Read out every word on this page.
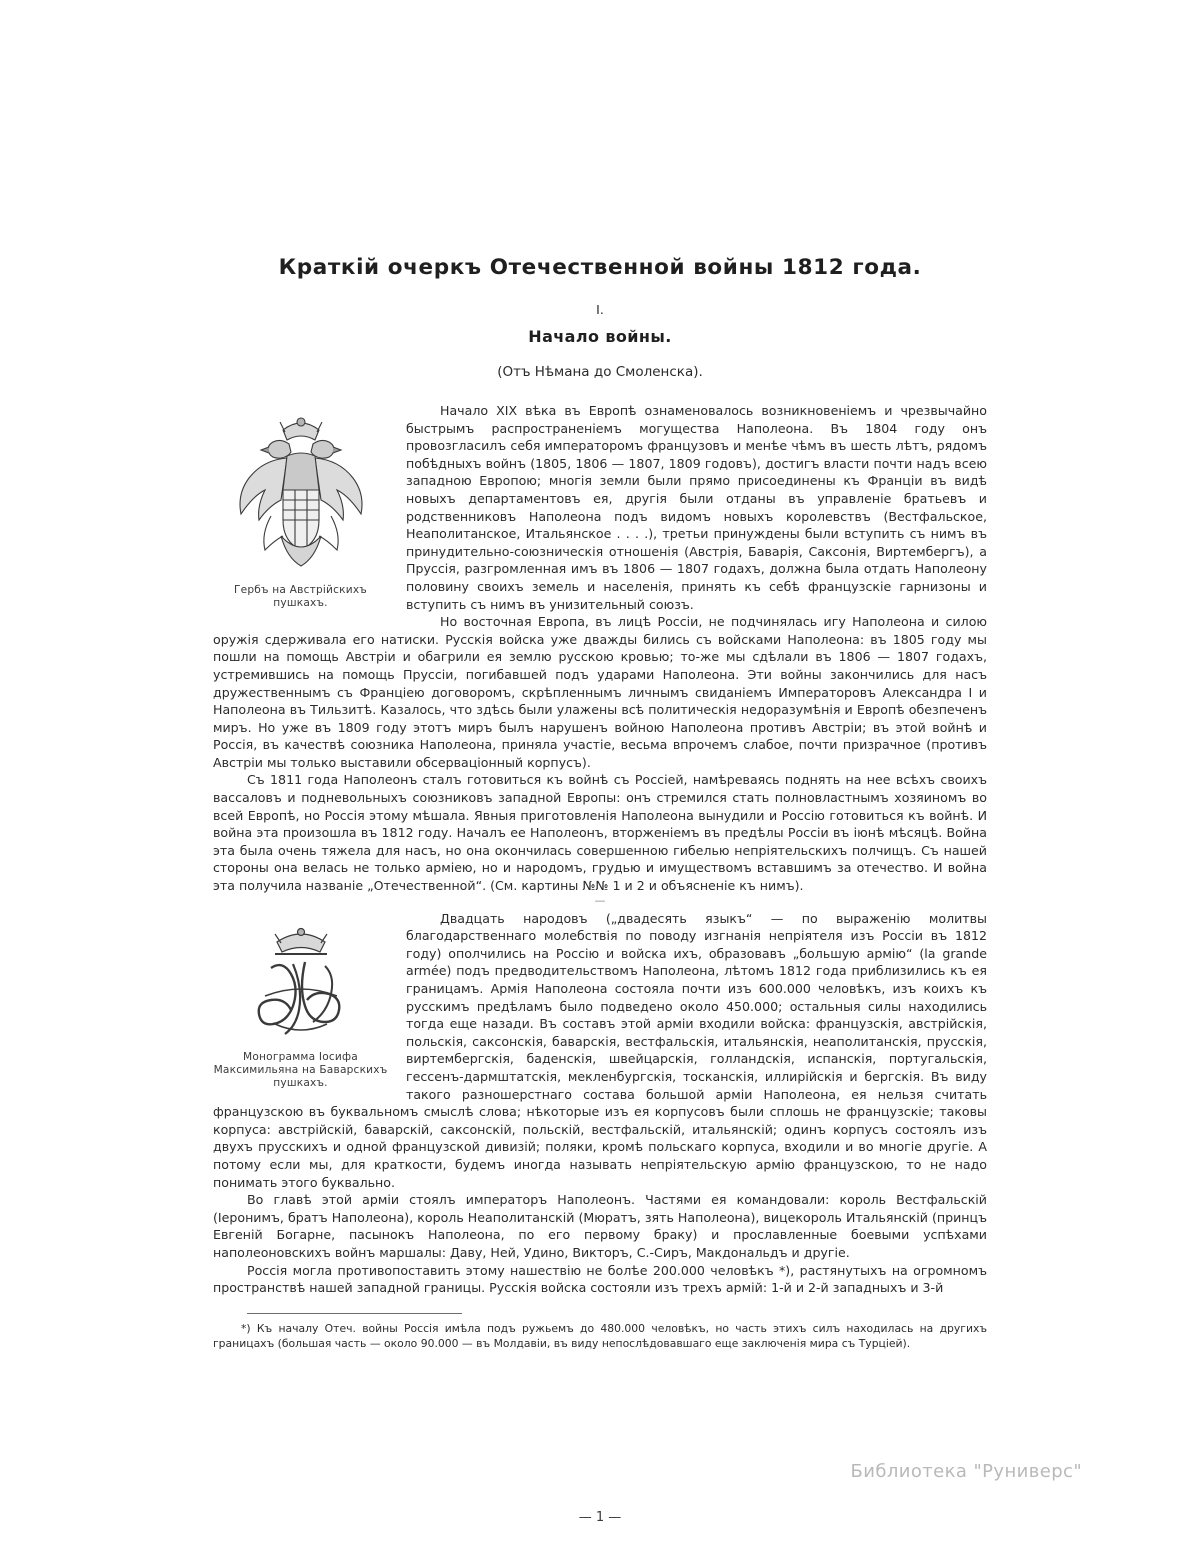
Краткій очеркъ Отечественной войны 1812 года.
I.
Начало войны.
(Отъ Нѣмана до Смоленска).
Гербъ на Австрійскихъ пушкахъ.

Начало XIX вѣка въ Европѣ ознаменовалось возникновеніемъ и чрезвычайно быстрымъ распространеніемъ могущества Наполеона. Въ 1804 году онъ провозгласилъ себя императоромъ французовъ и менѣе чѣмъ въ шесть лѣтъ, рядомъ побѣдныхъ войнъ (1805, 1806 — 1807, 1809 годовъ), достигъ власти почти надъ всею западною Европою; многія земли были прямо присоединены къ Франціи въ видѣ новыхъ департаментовъ ея, другія были отданы въ управленіе братьевъ и родственниковъ Наполеона подъ видомъ новыхъ королевствъ (Вестфальское, Неаполитанское, Итальянское . . . .), третьи принуждены были вступить съ нимъ въ принудительно-союзническія отношенія (Австрія, Баварія, Саксонія, Виртембергъ), а Пруссія, разгромленная имъ въ 1806 — 1807 годахъ, должна была отдать Наполеону половину своихъ земель и населенія, принять къ себѣ французскіе гарнизоны и вступить съ нимъ въ унизительный союзъ.

Но восточная Европа, въ лицѣ Россіи, не подчинялась игу Наполеона и силою оружія сдерживала его натиски. Русскія войска уже дважды бились съ войсками Наполеона: въ 1805 году мы пошли на помощь Австріи и обагрили ея землю русскою кровью; то-же мы сдѣлали въ 1806 — 1807 годахъ, устремившись на помощь Пруссіи, погибавшей подъ ударами Наполеона. Эти войны закончились для насъ дружественнымъ съ Франціею договоромъ, скрѣпленнымъ личнымъ свиданіемъ Императоровъ Александра I и Наполеона въ Тильзитѣ. Казалось, что здѣсь были улажены всѣ политическія недоразумѣнія и Европѣ обезпеченъ миръ. Но уже въ 1809 году этотъ миръ былъ нарушенъ войною Наполеона противъ Австріи; въ этой войнѣ и Россія, въ качествѣ союзника Наполеона, приняла участіе, весьма впрочемъ слабое, почти призрачное (противъ Австріи мы только выставили обсерваціонный корпусъ).

Съ 1811 года Наполеонъ сталъ готовиться къ войнѣ съ Россіей, намѣреваясь поднять на нее всѣхъ своихъ вассаловъ и подневольныхъ союзниковъ западной Европы: онъ стремился стать полновластнымъ хозяиномъ во всей Европѣ, но Россія этому мѣшала. Явныя приготовленія Наполеона вынудили и Россію готовиться къ войнѣ. И война эта произошла въ 1812 году. Началъ ее Наполеонъ, вторженіемъ въ предѣлы Россіи въ іюнѣ мѣсяцѣ. Война эта была очень тяжела для насъ, но она окончилась совершенною гибелью непріятельскихъ полчищъ. Съ нашей стороны она велась не только арміею, но и народомъ, грудью и имуществомъ вставшимъ за отечество. И война эта получила названіе „Отечественной“. (См. картины №№ 1 и 2 и объясненіе къ нимъ).

—
Монограмма Іосифа Максимильяна на Баварскихъ пушкахъ.

Двадцать народовъ („двадесять языкъ“ — по выраженію молитвы благодарственнаго молебствія по поводу изгнанія непріятеля изъ Россіи въ 1812 году) ополчились на Россію и войска ихъ, образовавъ „большую армію“ (la grande armée) подъ предводительствомъ Наполеона, лѣтомъ 1812 года приблизились къ ея границамъ. Армія Наполеона состояла почти изъ 600.000 человѣкъ, изъ коихъ къ русскимъ предѣламъ было подведено около 450.000; остальныя силы находились тогда еще назади. Въ составъ этой арміи входили войска: французскія, австрійскія, польскія, саксонскія, баварскія, вестфальскія, итальянскія, неаполитанскія, прусскія, виртембергскія, баденскія, швейцарскія, голландскія, испанскія, португальскія, гессенъ-дармштатскія, мекленбургскія, тосканскія, иллирійскія и бергскія. Въ виду такого разношерстнаго состава большой арміи Наполеона, ея нельзя считать французскою въ буквальномъ смыслѣ слова; нѣкоторые изъ ея корпусовъ были сплошь не французскіе; таковы корпуса: австрійскій, баварскій, саксонскій, польскій, вестфальскій, итальянскій; одинъ корпусъ состоялъ изъ двухъ прусскихъ и одной французской дивизій; поляки, кромѣ польскаго корпуса, входили и во многіе другіе. А потому если мы, для краткости, будемъ иногда называть непріятельскую армію французскою, то не надо понимать этого буквально.

Во главѣ этой арміи стоялъ императоръ Наполеонъ. Частями ея командовали: король Вестфальскій (Іеронимъ, братъ Наполеона), король Неаполитанскій (Мюратъ, зять Наполеона), вицекороль Итальянскій (принцъ Евгеній Богарне, пасынокъ Наполеона, по его первому браку) и прославленные боевыми успѣхами наполеоновскихъ войнъ маршалы: Даву, Ней, Удино, Викторъ, С.-Сиръ, Макдональдъ и другіе.

Россія могла противопоставить этому нашествію не болѣе 200.000 человѣкъ *), растянутыхъ на огромномъ пространствѣ нашей западной границы. Русскія войска состояли изъ трехъ армій: 1-й и 2-й западныхъ и 3-й

*) Къ началу Отеч. войны Россія имѣла подъ ружьемъ до 480.000 человѣкъ, но часть этихъ силъ находилась на другихъ границахъ (большая часть — около 90.000 — въ Молдавіи, въ виду непослѣдовавшаго еще заключенія мира съ Турціей).

Библиотека "Руниверс"
— 1 —
